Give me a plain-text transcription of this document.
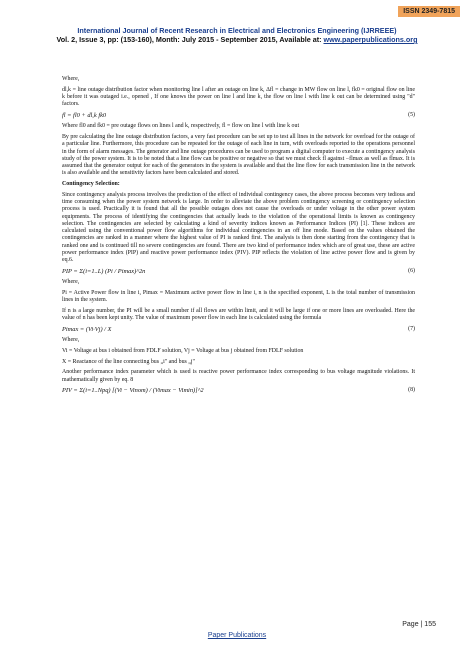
ISSN 2349-7815
International Journal of Recent Research in Electrical and Electronics Engineering (IJRREEE)
Vol. 2, Issue 3, pp: (153-160), Month: July 2015 - September 2015, Available at: www.paperpublications.org

Where,

dl,k = line outage distribution factor when monitoring line l after an outage on line k, Δfl = change in MW flow on line l, fk0 = original flow on line k before it was outaged i.e., opened , If one knows the power on line l and line k, the flow on line l with line k out can be determined using "d" factors.

fl = fl0 + dl,k fk0	(5)

Where fl0 and fk0 = pre outage flows on lines l and k, respectively, fl = flow on line l with line k out

By pre calculating the line outage distribution factors, a very fast procedure can be set up to test all lines in the network for overload for the outage of a particular line. Furthermore, this procedure can be repeated for the outage of each line in turn, with overloads reported to the operations personnel in the form of alarm messages. The generator and line outage procedures can be used to program a digital computer to execute a contingency analysis study of the power system. It is to be noted that a line flow can be positive or negative so that we must check fl against −flmax as well as flmax. It is assumed that the generator output for each of the generators in the system is available and that the line flow for each transmission line in the network is also available and the sensitivity factors have been calculated and stored.

Contingency Selection:

Since contingency analysis process involves the prediction of the effect of individual contingency cases, the above process becomes very tedious and time consuming when the power system network is large. In order to alleviate the above problem contingency screening or contingency selection process is used. Practically it is found that all the possible outages does not cause the overloads or under voltage in the other power system equipments. The process of identifying the contingencies that actually leads to the violation of the operational limits is known as contingency selection. The contingencies are selected by calculating a kind of severity indices known as Performance Indices (PI) [1]. These indices are calculated using the conventional power flow algorithms for individual contingencies in an off line mode. Based on the values obtained the contingencies are ranked in a manner where the highest value of PI is ranked first. The analysis is then done starting from the contingency that is ranked one and is continued till no severe contingencies are found. There are two kind of performance index which are of great use, these are active power performance index (PIP) and reactive power performance index (PIV). PIP reflects the violation of line active power flow and is given by eq.6.

PIP = Σ(i=1..L) (Pi / Pimax)^2n	(6)

Where,

Pi = Active Power flow in line i, Pimax = Maximum active power flow in line i, n is the specified exponent, L is the total number of transmission lines in the system.

If n is a large number, the PI will be a small number if all flows are within limit, and it will be large if one or more lines are overloaded. Here the value of n has been kept unity. The value of maximum power flow in each line is calculated using the formula

Pimax = (Vi·Vj) / X	(7)

Where,

Vi = Voltage at bus i obtained from FDLF solution, Vj = Voltage at bus j obtained from FDLF solution

X = Reactance of the line connecting bus „i" and bus „j"

Another performance index parameter which is used is reactive power performance index corresponding to bus voltage magnitude violations. It mathematically given by eq. 8

PIV = Σ(i=1..Npq) [(Vi − Vinom) / (Vimax − Vimin)]^2	(8)
Page | 155
Paper Publications
